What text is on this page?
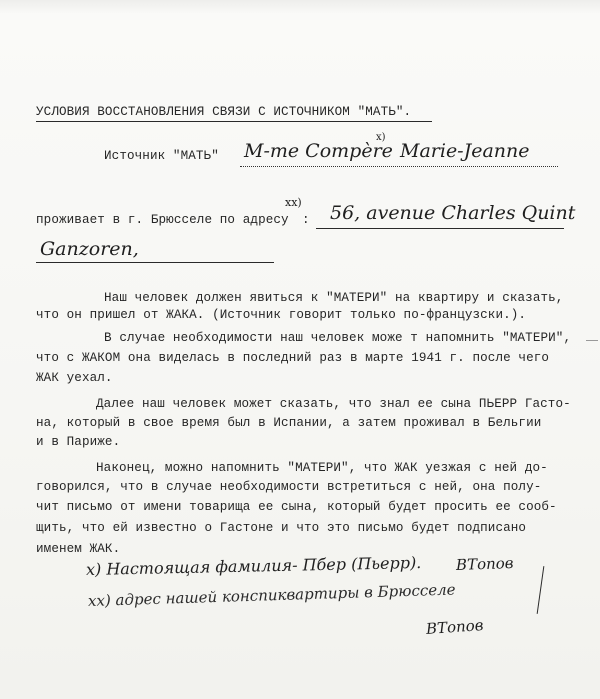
УСЛОВИЯ ВОССТАНОВЛЕНИЯ СВЯЗИ С ИСТОЧНИКОМ "МАТЬ".
Источник "МАТЬ" M-me Compère
x)
Marie-Jeanne
проживает в г. Брюсселе по адресу
xx)
: 56, avenue Charles Quint
Ganzoren,
Наш человек должен явиться к "МАТЕРИ" на квартиру и сказать,
что он пришел от ЖАКА. (Источник говорит только по-французски.).
В случае необходимости наш человек може т напомнить "МАТЕРИ",
что с ЖАКОМ она виделась в последний раз в марте 1941 г. после чего
ЖАК уехал.
Далее наш человек может сказать, что знал ее сына ПЬЕРР Гасто-
на, который в свое время был в Испании, а затем проживал в Бельгии
и в Париже.
Наконец, можно напомнить "МАТЕРИ", что ЖАК уезжая с ней до-
говорился, что в случае необходимости встретиться с ней, она полу-
чит письмо от имени товарища ее сына, который будет просить ее сооб-
щить, что ей известно о Гастоне и что это письмо будет подписано
именем ЖАК.
x) Настоящая фамилия- Пбер (Пьерр). ВТопов
xx) адрес нашей конспиквартиры в Брюсселе
ВТопов
